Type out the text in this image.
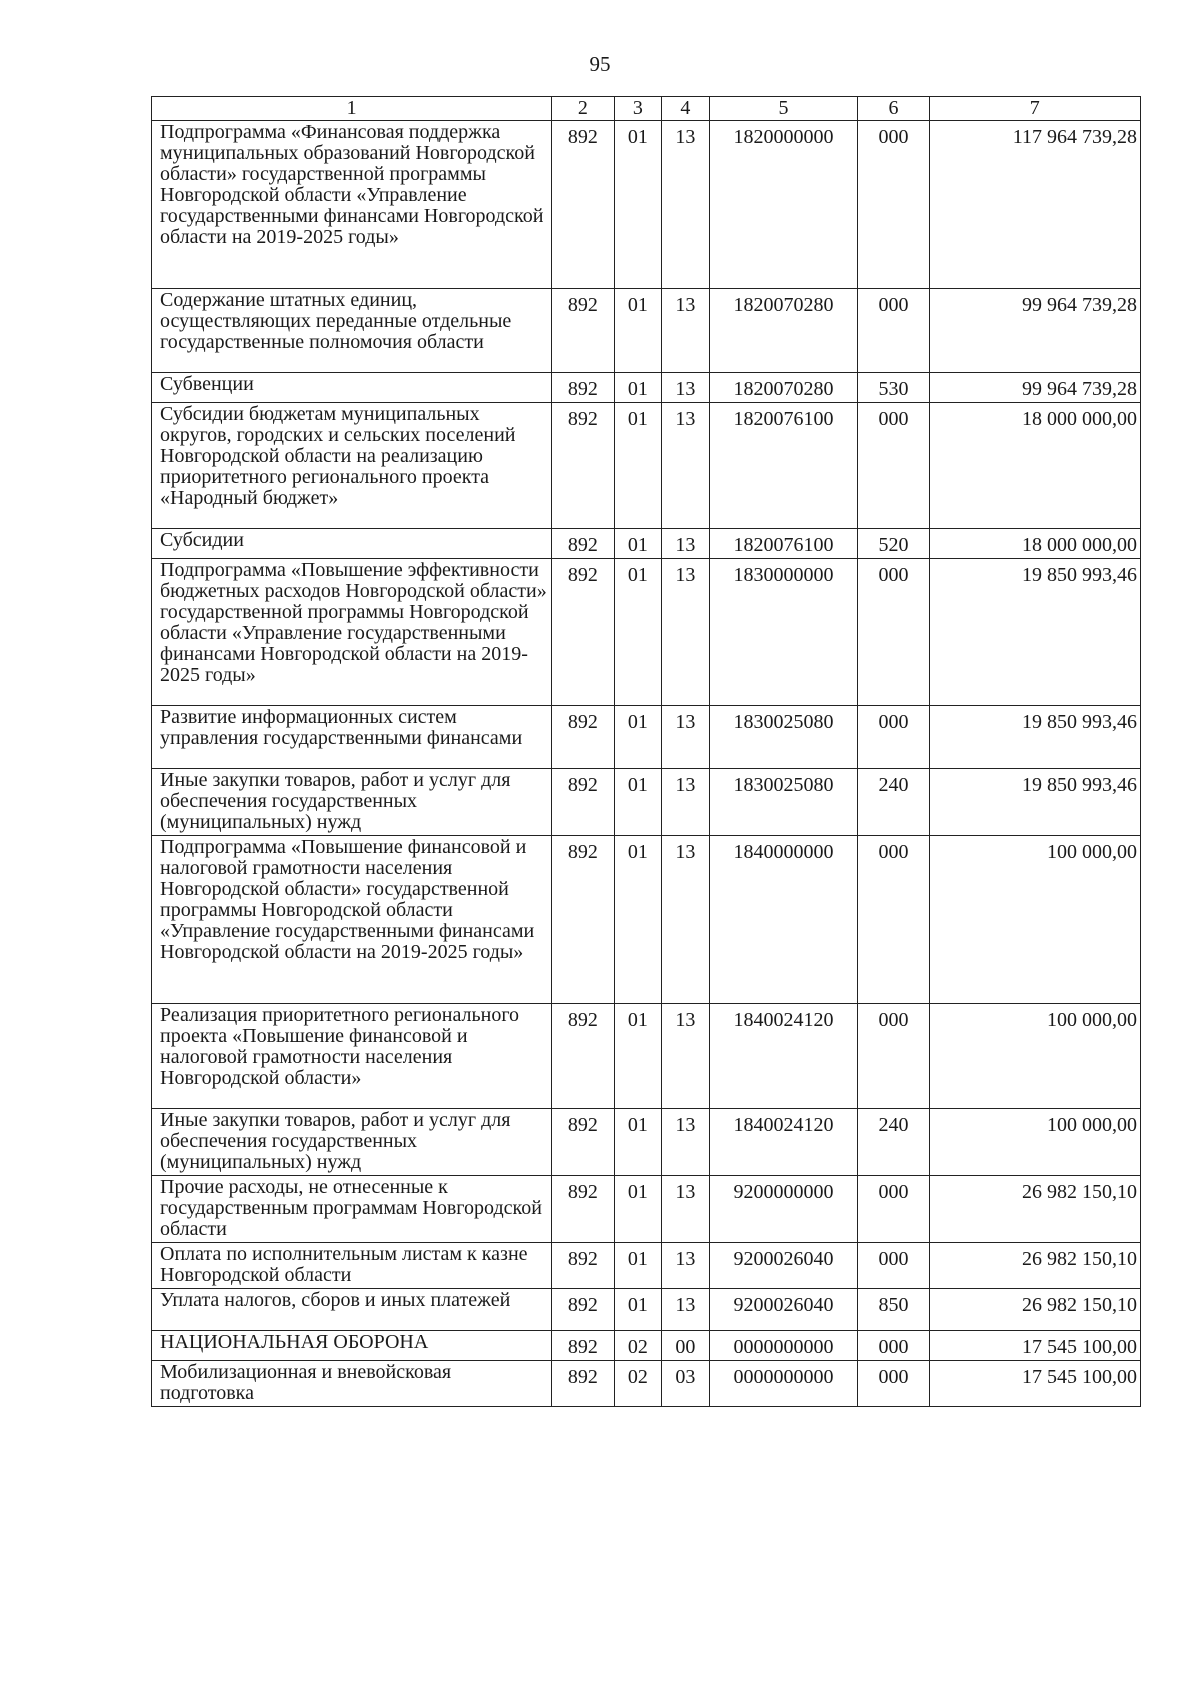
95
1	2	3	4	5	6	7
Подпрограмма «Финансовая поддержка муниципальных образований Новгородской области» государственной программы Новгородской области «Управление государственными финансами Новгородской области на 2019-2025 годы»	892	01	13	1820000000	000	117 964 739,28
Содержание штатных единиц, осуществляющих переданные отдельные государственные полномочия области	892	01	13	1820070280	000	99 964 739,28
Субвенции	892	01	13	1820070280	530	99 964 739,28
Субсидии бюджетам муниципальных округов, городских и сельских поселений Новгородской области на реализацию приоритетного регионального проекта «Народный бюджет»	892	01	13	1820076100	000	18 000 000,00
Субсидии	892	01	13	1820076100	520	18 000 000,00
Подпрограмма «Повышение эффективности бюджетных расходов Новгородской области» государственной программы Новгородской области «Управление государственными финансами Новгородской области на 2019-2025 годы»	892	01	13	1830000000	000	19 850 993,46
Развитие информационных систем управления государственными финансами	892	01	13	1830025080	000	19 850 993,46
Иные закупки товаров, работ и услуг для обеспечения государственных (муниципальных) нужд	892	01	13	1830025080	240	19 850 993,46
Подпрограмма «Повышение финансовой и налоговой грамотности населения Новгородской области» государственной программы Новгородской области «Управление государственными финансами Новгородской области на 2019-2025 годы»	892	01	13	1840000000	000	100 000,00
Реализация приоритетного регионального проекта «Повышение финансовой и налоговой грамотности населения Новгородской области»	892	01	13	1840024120	000	100 000,00
Иные закупки товаров, работ и услуг для обеспечения государственных (муниципальных) нужд	892	01	13	1840024120	240	100 000,00
Прочие расходы, не отнесенные к государственным программам Новгородской области	892	01	13	9200000000	000	26 982 150,10
Оплата по исполнительным листам к казне Новгородской области	892	01	13	9200026040	000	26 982 150,10
Уплата налогов, сборов и иных платежей	892	01	13	9200026040	850	26 982 150,10
НАЦИОНАЛЬНАЯ ОБОРОНА	892	02	00	0000000000	000	17 545 100,00
Мобилизационная и вневойсковая подготовка	892	02	03	0000000000	000	17 545 100,00
